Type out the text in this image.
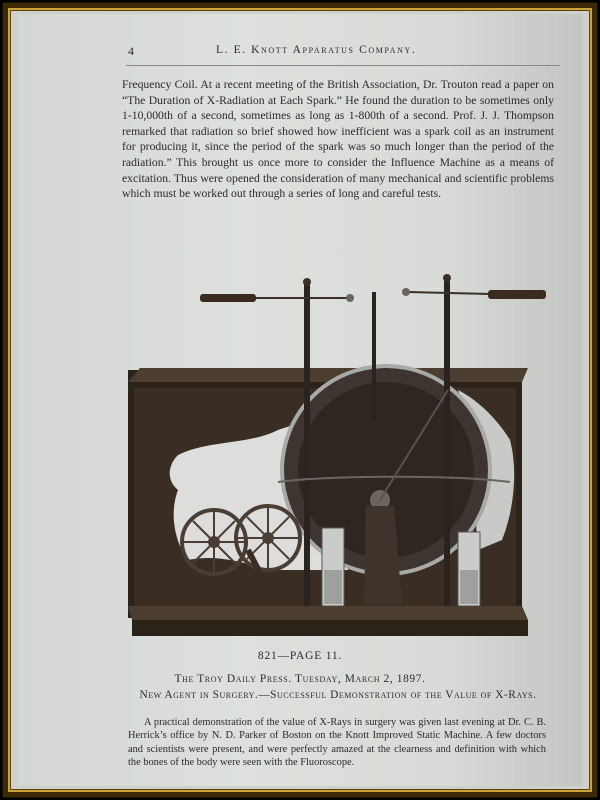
4	L. E. Knott Apparatus Company.

Frequency Coil. At a recent meeting of the British Association, Dr. Trouton read a paper on “The Duration of X-Radiation at Each Spark.” He found the duration to be sometimes only 1-10,000th of a second, sometimes as long as 1-800th of a second. Prof. J. J. Thompson remarked that radiation so brief showed how inefficient was a spark coil as an instrument for producing it, since the period of the spark was so much longer than the period of the radiation.” This brought us once more to consider the Influence Machine as a means of excitation. Thus were opened the consideration of many mechanical and scientific problems which must be worked out through a series of long and careful tests.

821—PAGE 11.
The Troy Daily Press. Tuesday, March 2, 1897.
New Agent in Surgery.—Successful Demonstration of the Value of X-Rays.

A practical demonstration of the value of X-Rays in surgery was given last evening at Dr. C. B. Herrick’s office by N. D. Parker of Boston on the Knott Improved Static Machine. A few doctors and scientists were present, and were perfectly amazed at the clearness and definition with which the bones of the body were seen with the Fluoroscope.
